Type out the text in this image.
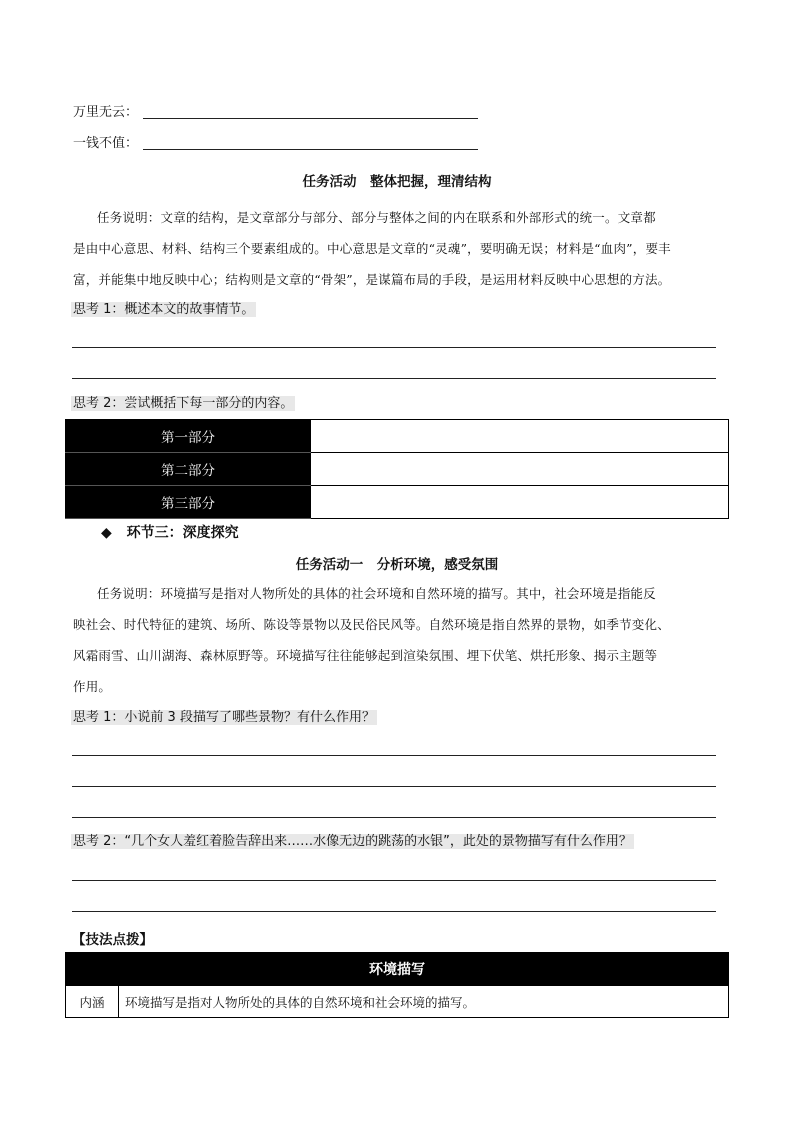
万里无云：
一钱不值：
任务活动　整体把握，理清结构
任务说明：文章的结构，是文章部分与部分、部分与整体之间的内在联系和外部形式的统一。文章都
是由中心意思、材料、结构三个要素组成的。中心意思是文章的“灵魂”，要明确无误；材料是“血肉”，要丰
富，并能集中地反映中心；结构则是文章的“骨架”，是谋篇布局的手段，是运用材料反映中心思想的方法。
思考 1：概述本文的故事情节。
思考 2：尝试概括下每一部分的内容。
第一部分	
第二部分	
第三部分	
◆ 环节三：深度探究
任务活动一　分析环境，感受氛围
任务说明：环境描写是指对人物所处的具体的社会环境和自然环境的描写。其中，社会环境是指能反
映社会、时代特征的建筑、场所、陈设等景物以及民俗民风等。自然环境是指自然界的景物，如季节变化、
风霜雨雪、山川湖海、森林原野等。环境描写往往能够起到渲染氛围、埋下伏笔、烘托形象、揭示主题等
作用。
思考 1：小说前 3 段描写了哪些景物？有什么作用？
思考 2：“几个女人羞红着脸告辞出来……水像无边的跳荡的水银”，此处的景物描写有什么作用？
【技法点拨】
环境描写
内涵	环境描写是指对人物所处的具体的自然环境和社会环境的描写。
